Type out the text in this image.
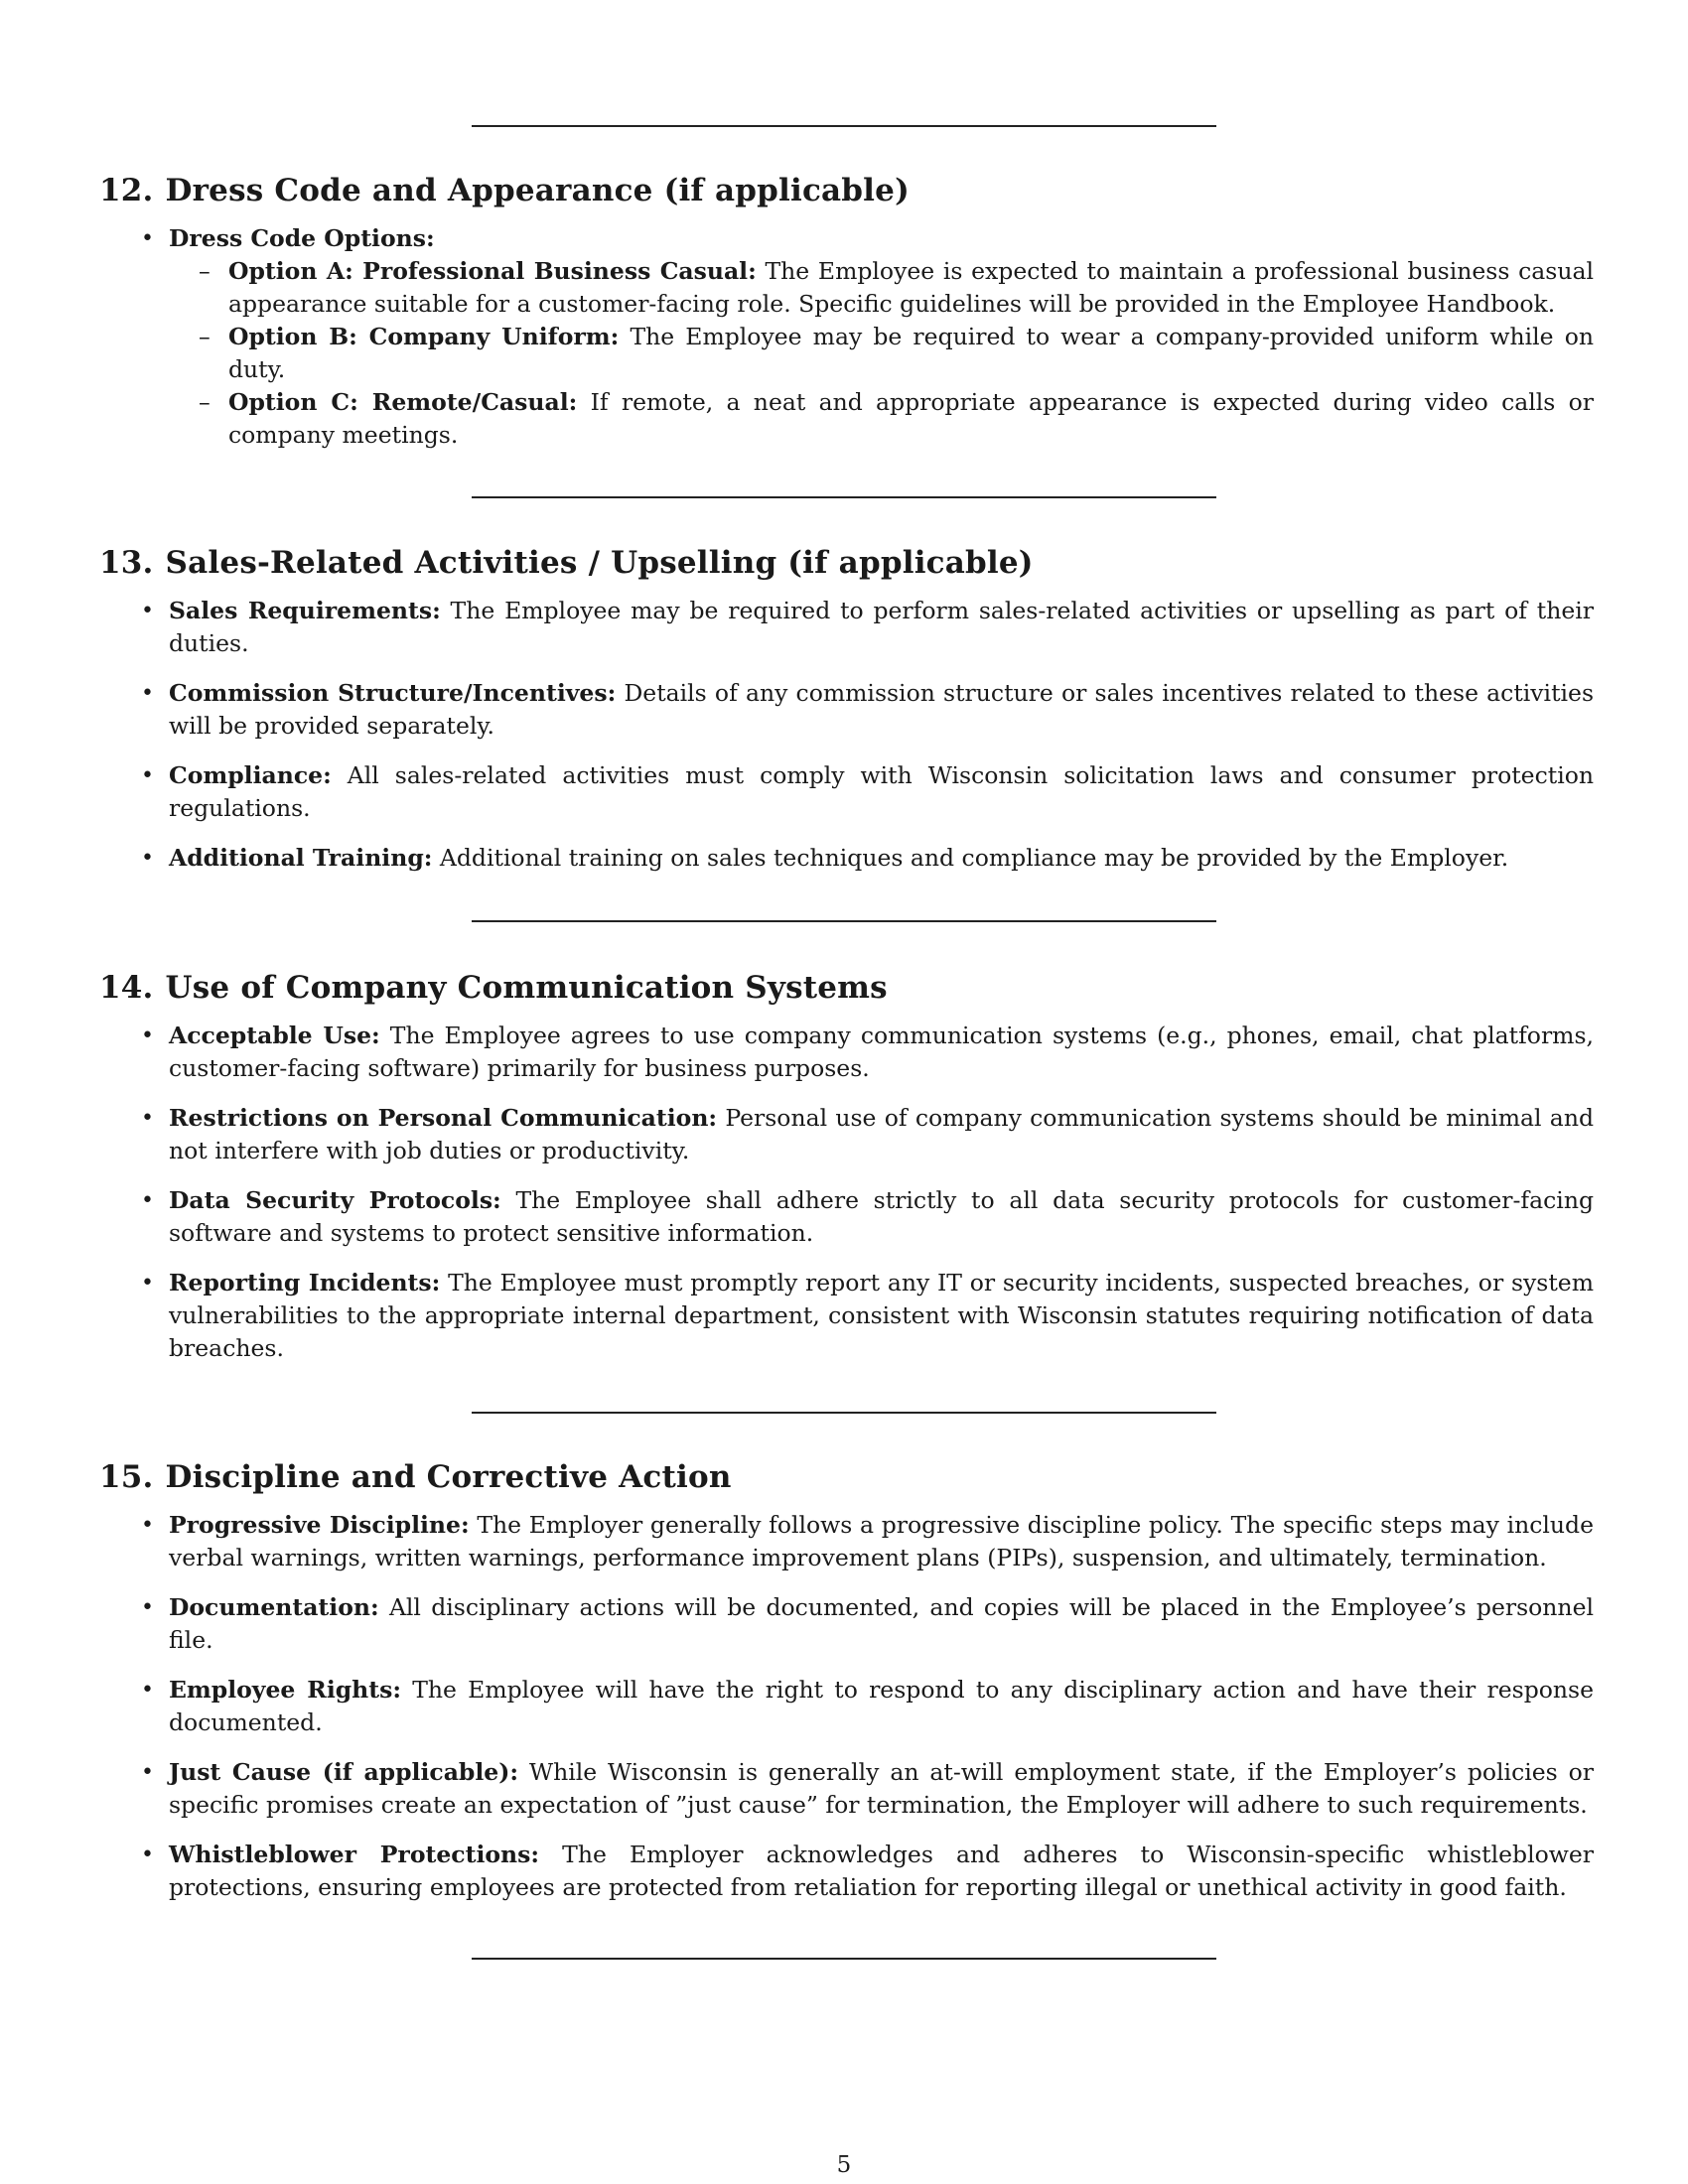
12. Dress Code and Appearance (if applicable)
• Dress Code Options:
– Option A: Professional Business Casual: The Employee is expected to maintain a professional business casual appearance suitable for a customer-facing role. Specific guidelines will be provided in the Employee Handbook.
– Option B: Company Uniform: The Employee may be required to wear a company-provided uniform while on duty.
– Option C: Remote/Casual: If remote, a neat and appropriate appearance is expected during video calls or company meetings.
13. Sales-Related Activities / Upselling (if applicable)
• Sales Requirements: The Employee may be required to perform sales-related activities or upselling as part of their duties.
• Commission Structure/Incentives: Details of any commission structure or sales incentives related to these activities will be provided separately.
• Compliance: All sales-related activities must comply with Wisconsin solicitation laws and consumer protection regulations.
• Additional Training: Additional training on sales techniques and compliance may be provided by the Employer.
14. Use of Company Communication Systems
• Acceptable Use: The Employee agrees to use company communication systems (e.g., phones, email, chat platforms, customer-facing software) primarily for business purposes.
• Restrictions on Personal Communication: Personal use of company communication systems should be minimal and not interfere with job duties or productivity.
• Data Security Protocols: The Employee shall adhere strictly to all data security protocols for customer-facing software and systems to protect sensitive information.
• Reporting Incidents: The Employee must promptly report any IT or security incidents, suspected breaches, or system vulnerabilities to the appropriate internal department, consistent with Wisconsin statutes requiring notification of data breaches.
15. Discipline and Corrective Action
• Progressive Discipline: The Employer generally follows a progressive discipline policy. The specific steps may include verbal warnings, written warnings, performance improvement plans (PIPs), suspension, and ultimately, termination.
• Documentation: All disciplinary actions will be documented, and copies will be placed in the Employee’s personnel file.
• Employee Rights: The Employee will have the right to respond to any disciplinary action and have their response documented.
• Just Cause (if applicable): While Wisconsin is generally an at-will employment state, if the Employer’s policies or specific promises create an expectation of ”just cause” for termination, the Employer will adhere to such requirements.
• Whistleblower Protections: The Employer acknowledges and adheres to Wisconsin-specific whistleblower protections, ensuring employees are protected from retaliation for reporting illegal or unethical activity in good faith.
5
